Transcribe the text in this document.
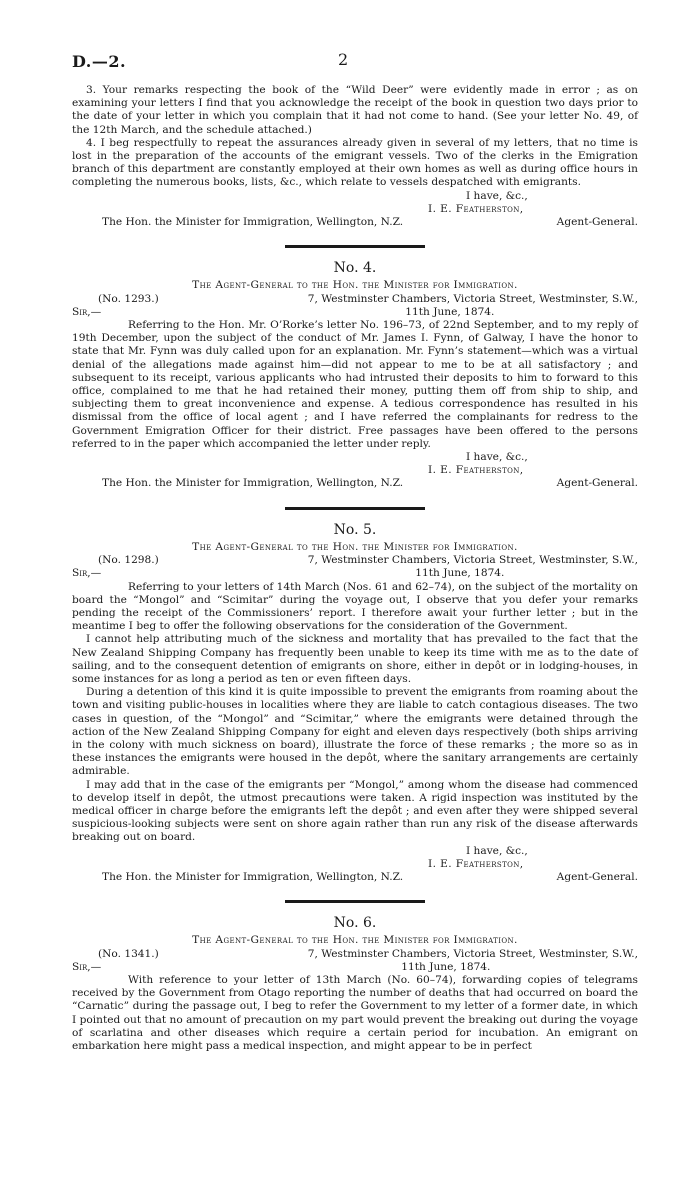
D.—2.	2

3. Your remarks respecting the book of the “Wild Deer” were evidently made in error ; as on examining your letters I find that you acknowledge the receipt of the book in question two days prior to the date of your letter in which you complain that it had not come to hand. (See your letter No. 49, of the 12th March, and the schedule attached.)

4. I beg respectfully to repeat the assurances already given in several of my letters, that no time is lost in the preparation of the accounts of the emigrant vessels. Two of the clerks in the Emigration branch of this department are constantly employed at their own homes as well as during office hours in completing the numerous books, lists, &c., which relate to vessels despatched with emigrants.

I have, &c.,

I. E. Featherston,

The Hon. the Minister for Immigration, Wellington, N.Z.	Agent-General.
No. 4.
The Agent-General to the Hon. the Minister for Immigration.
(No. 1293.)	7, Westminster Chambers, Victoria Street, Westminster, S.W.,
Sir,—	11th June, 1874.

Referring to the Hon. Mr. O’Rorke’s letter No. 196–73, of 22nd September, and to my reply of 19th December, upon the subject of the conduct of Mr. James I. Fynn, of Galway, I have the honor to state that Mr. Fynn was duly called upon for an explanation. Mr. Fynn’s statement—which was a virtual denial of the allegations made against him—did not appear to me to be at all satisfactory ; and subsequent to its receipt, various applicants who had intrusted their deposits to him to forward to this office, complained to me that he had retained their money, putting them off from ship to ship, and subjecting them to great inconvenience and expense. A tedious correspondence has resulted in his dismissal from the office of local agent ; and I have referred the complainants for redress to the Government Emigration Officer for their district. Free passages have been offered to the persons referred to in the paper which accompanied the letter under reply.

I have, &c.,

I. E. Featherston,

The Hon. the Minister for Immigration, Wellington, N.Z.	Agent-General.
No. 5.
The Agent-General to the Hon. the Minister for Immigration.
(No. 1298.)	7, Westminster Chambers, Victoria Street, Westminster, S.W.,
Sir,—	11th June, 1874.

Referring to your letters of 14th March (Nos. 61 and 62–74), on the subject of the mortality on board the “Mongol” and “Scimitar” during the voyage out, I observe that you defer your remarks pending the receipt of the Commissioners’ report. I therefore await your further letter ; but in the meantime I beg to offer the following observations for the consideration of the Government.

I cannot help attributing much of the sickness and mortality that has prevailed to the fact that the New Zealand Shipping Company has frequently been unable to keep its time with me as to the date of sailing, and to the consequent detention of emigrants on shore, either in depôt or in lodging-houses, in some instances for as long a period as ten or even fifteen days.

During a detention of this kind it is quite impossible to prevent the emigrants from roaming about the town and visiting public-houses in localities where they are liable to catch contagious diseases. The two cases in question, of the “Mongol” and “Scimitar,” where the emigrants were detained through the action of the New Zealand Shipping Company for eight and eleven days respectively (both ships arriving in the colony with much sickness on board), illustrate the force of these remarks ; the more so as in these instances the emigrants were housed in the depôt, where the sanitary arrangements are certainly admirable.

I may add that in the case of the emigrants per “Mongol,” among whom the disease had commenced to develop itself in depôt, the utmost precautions were taken. A rigid inspection was instituted by the medical officer in charge before the emigrants left the depôt ; and even after they were shipped several suspicious-looking subjects were sent on shore again rather than run any risk of the disease afterwards breaking out on board.

I have, &c.,

I. E. Featherston,

The Hon. the Minister for Immigration, Wellington, N.Z.	Agent-General.
No. 6.
The Agent-General to the Hon. the Minister for Immigration.
(No. 1341.)	7, Westminster Chambers, Victoria Street, Westminster, S.W.,
Sir,—	11th June, 1874.

With reference to your letter of 13th March (No. 60–74), forwarding copies of telegrams received by the Government from Otago reporting the number of deaths that had occurred on board the “Carnatic” during the passage out, I beg to refer the Government to my letter of a former date, in which I pointed out that no amount of precaution on my part would prevent the breaking out during the voyage of scarlatina and other diseases which require a certain period for incubation. An emigrant on embarkation here might pass a medical inspection, and might appear to be in perfect
